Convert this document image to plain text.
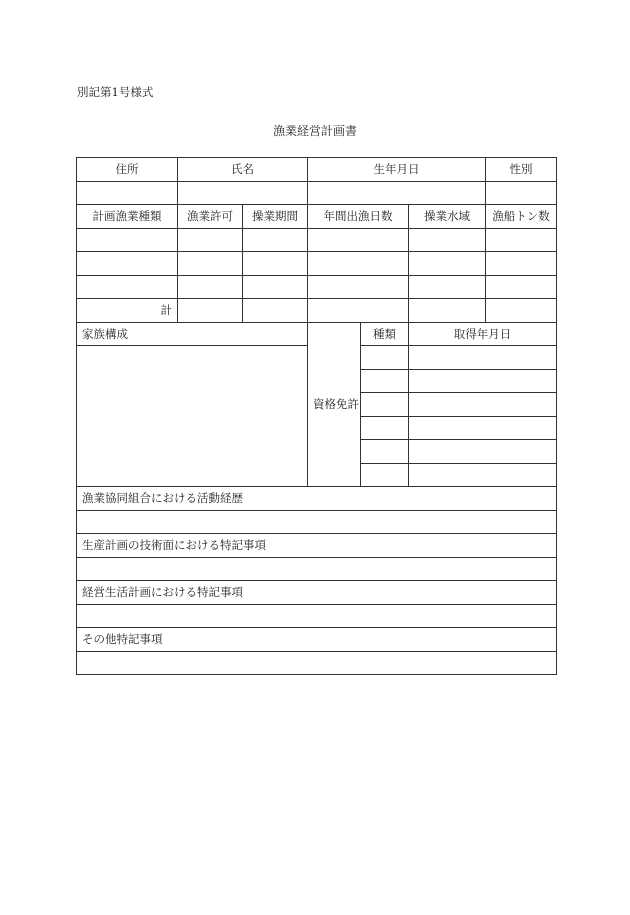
別記第1号様式
漁業経営計画書
住所	氏名		生年月日			性別

計画漁業種類	漁業許可	操業期間	年間出漁日数		操業水域	漁船トン数

計						
家族構成			資格免許	種類	取得年月日	

漁業協同組合における活動経歴						

生産計画の技術面における特記事項						

経営生活計画における特記事項						

その他特記事項						
